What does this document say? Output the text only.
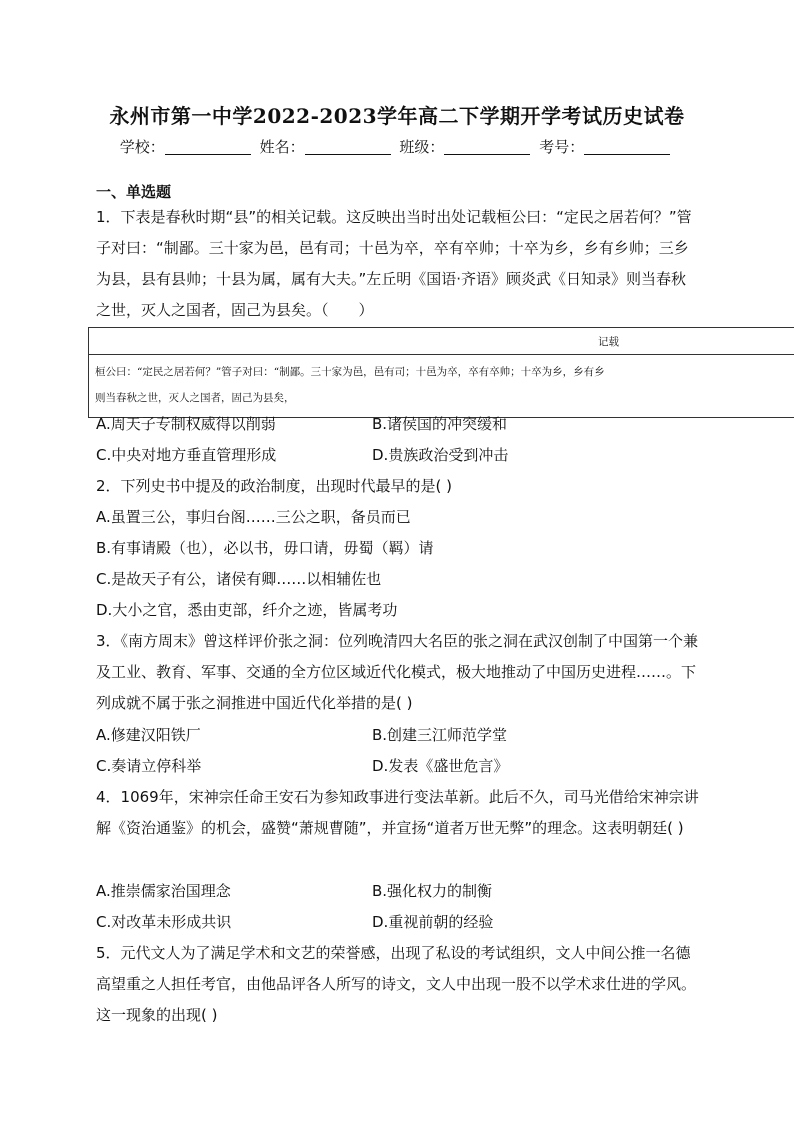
永州市第一中学2022-2023学年高二下学期开学考试历史试卷
学校：	姓名：	班级：	考号：
一、单选题
1．下表是春秋时期“县”的相关记载。这反映出当时出处记载桓公曰：“定民之居若何？”管子对曰：“制鄙。三十家为邑，邑有司；十邑为卒，卒有卒帅；十卒为乡，乡有乡帅；三乡为县，县有县帅；十县为属，属有大夫。”左丘明《国语·齐语》顾炎武《日知录》则当春秋之世，灭人之国者，固己为县矣。（　　）
记载

桓公曰：“定民之居若何？”管子对曰：“制鄙。三十家为邑，邑有司；十邑为卒，卒有卒帅；十卒为乡，乡有乡
则当春秋之世，灭人之国者，固己为县矣，
A.周天子专制权威得以削弱	B.诸侯国的冲突缓和
C.中央对地方垂直管理形成	D.贵族政治受到冲击
2．下列史书中提及的政治制度，出现时代最早的是( )
A.虽置三公，事归台阁……三公之职，备员而已
B.有事请殿（也），必以书，毋口请，毋蜀（羁）请
C.是故天子有公，诸侯有卿……以相辅佐也
D.大小之官，悉由吏部，纤介之迹，皆属考功
3．《南方周末》曾这样评价张之洞：位列晚清四大名臣的张之洞在武汉创制了中国第一个兼及工业、教育、军事、交通的全方位区域近代化模式，极大地推动了中国历史进程……。下列成就不属于张之洞推进中国近代化举措的是( )
A.修建汉阳铁厂	B.创建三江师范学堂
C.奏请立停科举	D.发表《盛世危言》
4．1069年，宋神宗任命王安石为参知政事进行变法革新。此后不久，司马光借给宋神宗讲解《资治通鉴》的机会，盛赞“萧规曹随”，并宣扬“道者万世无弊”的理念。这表明朝廷( )
A.推崇儒家治国理念	B.强化权力的制衡
C.对改革未形成共识	D.重视前朝的经验
5．元代文人为了满足学术和文艺的荣誉感，出现了私设的考试组织，文人中间公推一名德高望重之人担任考官，由他品评各人所写的诗文，文人中出现一股不以学术求仕进的学风。这一现象的出现( )
